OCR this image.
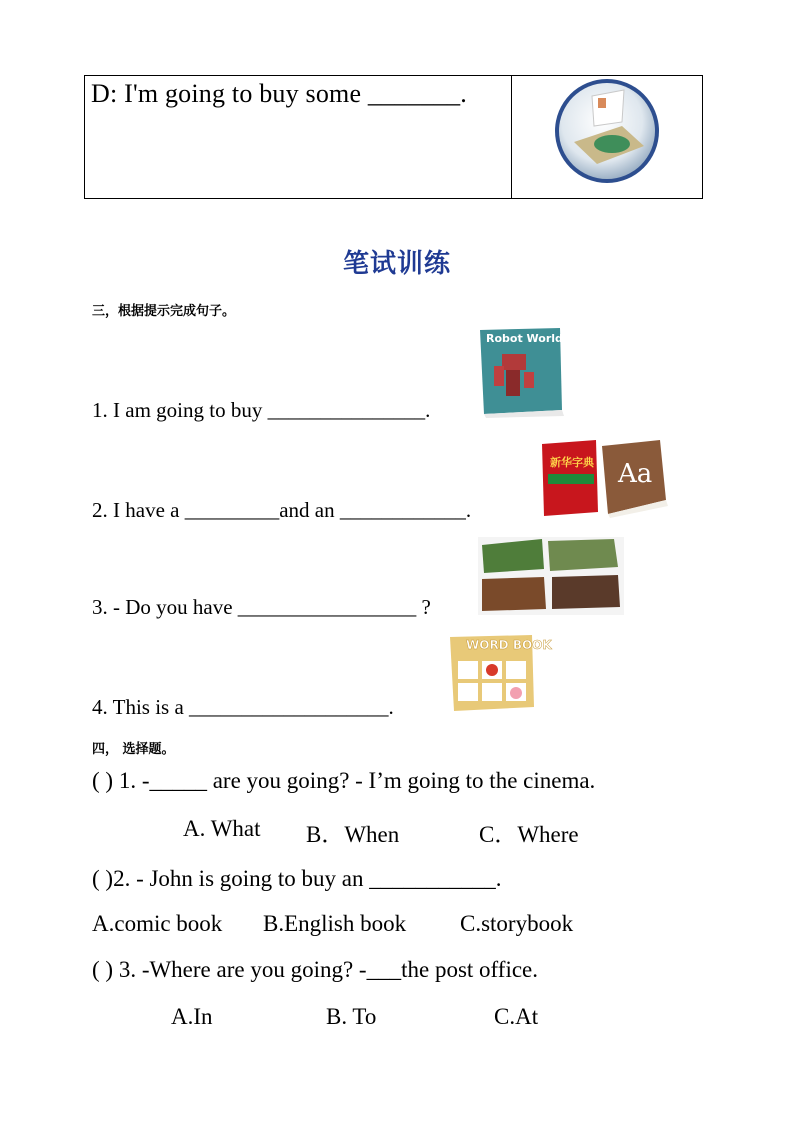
D: I'm going to buy some _______.
笔试训练
三，根据提示完成句子。
Robot World
1. I am going to buy _______________.
新华字典 Aa
2. I have a _________and an ____________.
3. - Do you have _________________ ?
WORD BOOK
4. This is a ___________________.
四， 选择题。
( ) 1. -_____ are you going? - I’m going to the cinema.
A. What B．When	C．Where
( )2. - John is going to buy an ___________.
A.comic book B.English book C.storybook
( ) 3. -Where are you going? -___the post office.
A.In	B. To	C.At
